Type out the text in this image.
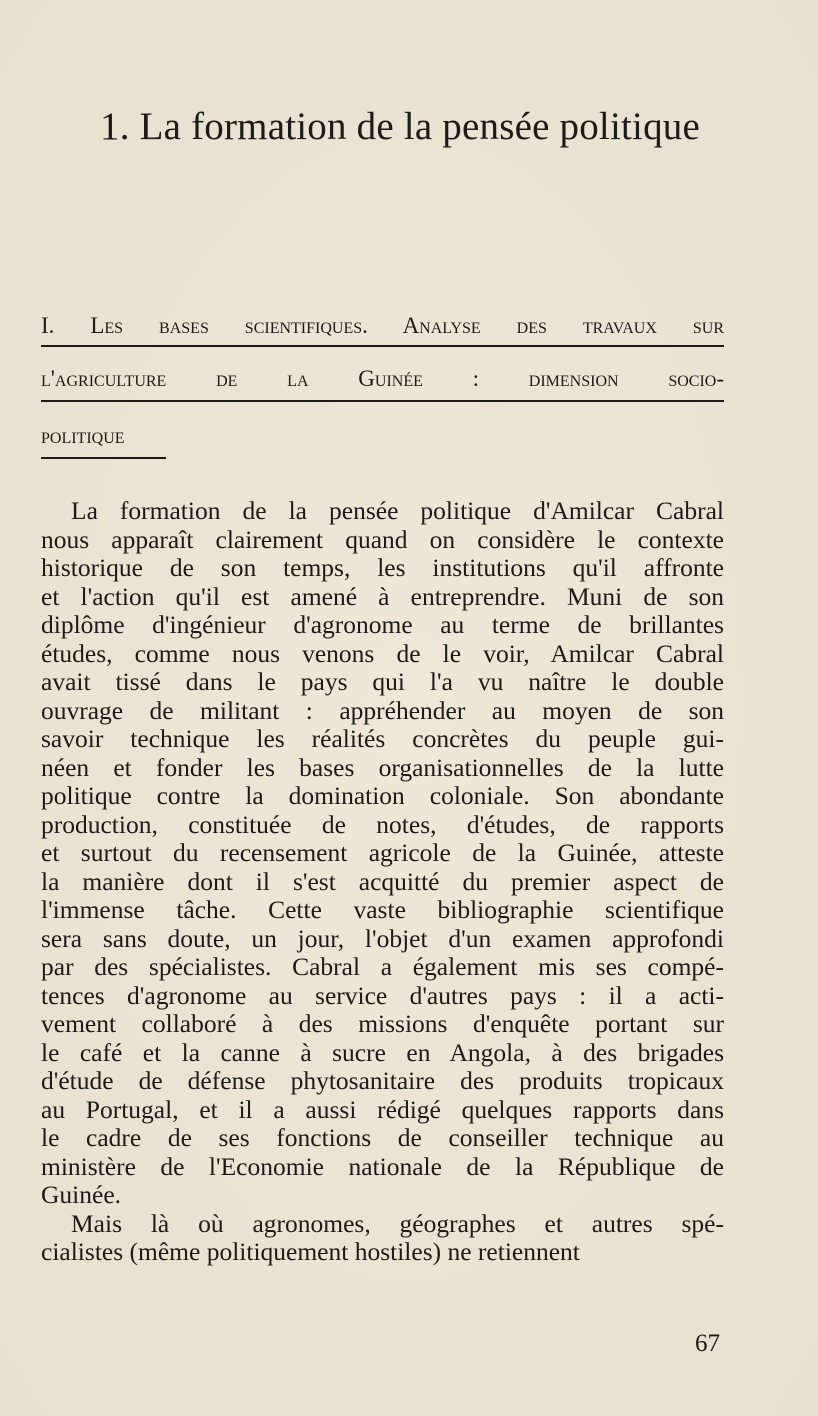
1. La formation de la pensée politique
I. Les bases scientifiques. Analyse des travaux sur
l'agriculture de la Guinée : dimension socio-
politique
La formation de la pensée politique d'Amilcar Cabral
nous apparaît clairement quand on considère le contexte
historique de son temps, les institutions qu'il affronte
et l'action qu'il est amené à entreprendre. Muni de son
diplôme d'ingénieur d'agronome au terme de brillantes
études, comme nous venons de le voir, Amilcar Cabral
avait tissé dans le pays qui l'a vu naître le double
ouvrage de militant : appréhender au moyen de son
savoir technique les réalités concrètes du peuple gui-
néen et fonder les bases organisationnelles de la lutte
politique contre la domination coloniale. Son abondante
production, constituée de notes, d'études, de rapports
et surtout du recensement agricole de la Guinée, atteste
la manière dont il s'est acquitté du premier aspect de
l'immense tâche. Cette vaste bibliographie scientifique
sera sans doute, un jour, l'objet d'un examen approfondi
par des spécialistes. Cabral a également mis ses compé-
tences d'agronome au service d'autres pays : il a acti-
vement collaboré à des missions d'enquête portant sur
le café et la canne à sucre en Angola, à des brigades
d'étude de défense phytosanitaire des produits tropicaux
au Portugal, et il a aussi rédigé quelques rapports dans
le cadre de ses fonctions de conseiller technique au
ministère de l'Economie nationale de la République de
Guinée.
Mais là où agronomes, géographes et autres spé-
cialistes (même politiquement hostiles) ne retiennent
67
